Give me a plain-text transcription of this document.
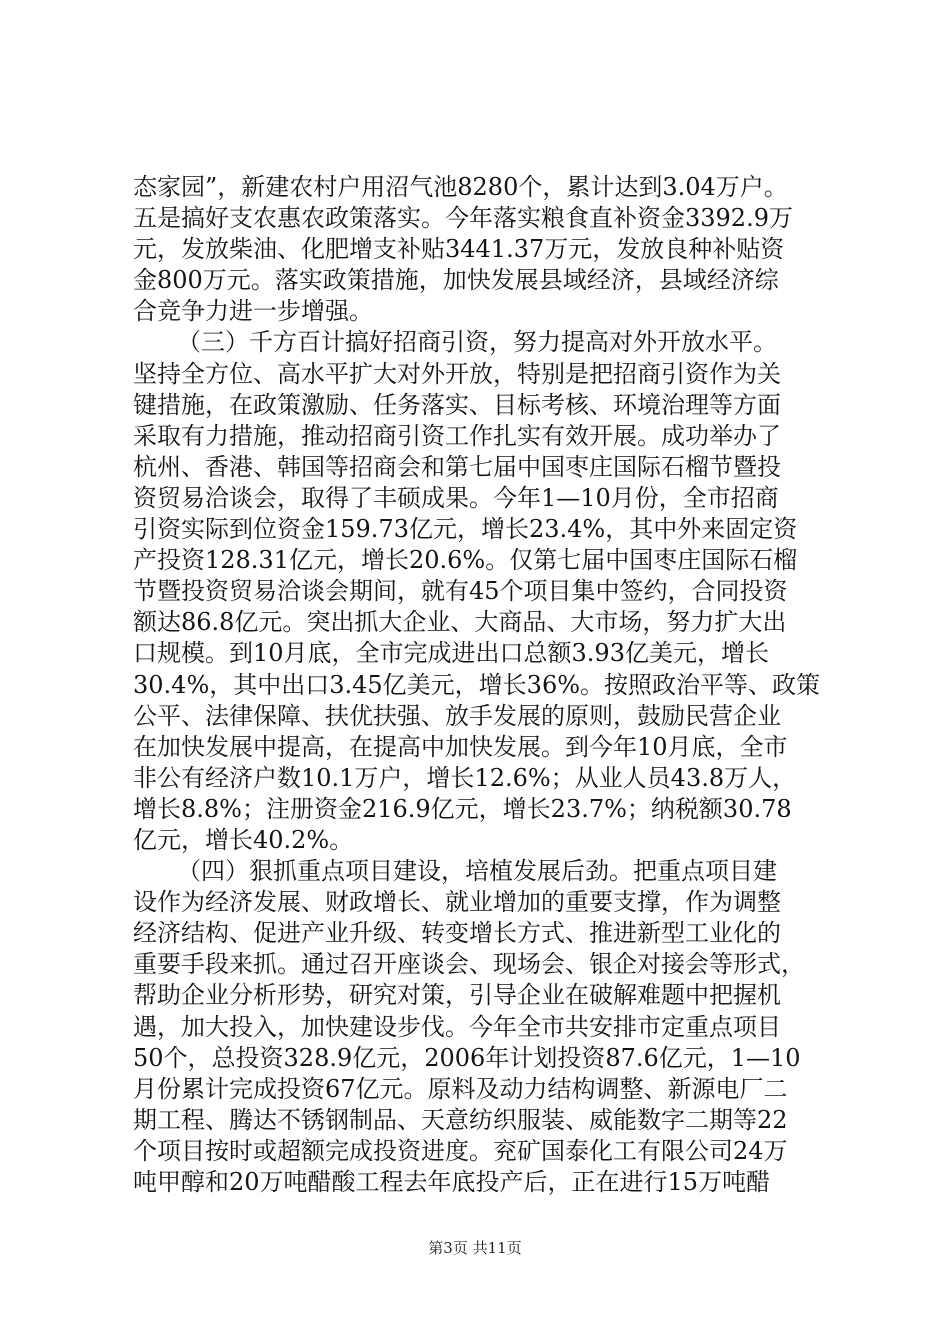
态家园”，新建农村户用沼气池8280个，累计达到3.04万户。
五是搞好支农惠农政策落实。今年落实粮食直补资金3392.9万
元，发放柴油、化肥增支补贴3441.37万元，发放良种补贴资
金800万元。落实政策措施，加快发展县域经济，县域经济综
合竞争力进一步增强。
（三）千方百计搞好招商引资，努力提高对外开放水平。
坚持全方位、高水平扩大对外开放，特别是把招商引资作为关
键措施，在政策激励、任务落实、目标考核、环境治理等方面
采取有力措施，推动招商引资工作扎实有效开展。成功举办了
杭州、香港、韩国等招商会和第七届中国枣庄国际石榴节暨投
资贸易洽谈会，取得了丰硕成果。今年1—10月份，全市招商
引资实际到位资金159.73亿元，增长23.4%，其中外来固定资
产投资128.31亿元，增长20.6%。仅第七届中国枣庄国际石榴
节暨投资贸易洽谈会期间，就有45个项目集中签约，合同投资
额达86.8亿元。突出抓大企业、大商品、大市场，努力扩大出
口规模。到10月底，全市完成进出口总额3.93亿美元，增长
30.4%，其中出口3.45亿美元，增长36%。按照政治平等、政策
公平、法律保障、扶优扶强、放手发展的原则，鼓励民营企业
在加快发展中提高，在提高中加快发展。到今年10月底，全市
非公有经济户数10.1万户，增长12.6%；从业人员43.8万人，
增长8.8%；注册资金216.9亿元，增长23.7%；纳税额30.78
亿元，增长40.2%。
（四）狠抓重点项目建设，培植发展后劲。把重点项目建
设作为经济发展、财政增长、就业增加的重要支撑，作为调整
经济结构、促进产业升级、转变增长方式、推进新型工业化的
重要手段来抓。通过召开座谈会、现场会、银企对接会等形式，
帮助企业分析形势，研究对策，引导企业在破解难题中把握机
遇，加大投入，加快建设步伐。今年全市共安排市定重点项目
50个，总投资328.9亿元，2006年计划投资87.6亿元，1—10
月份累计完成投资67亿元。原料及动力结构调整、新源电厂二
期工程、腾达不锈钢制品、天意纺织服装、威能数字二期等22
个项目按时或超额完成投资进度。兖矿国泰化工有限公司24万
吨甲醇和20万吨醋酸工程去年底投产后，正在进行15万吨醋
第3页 共11页
